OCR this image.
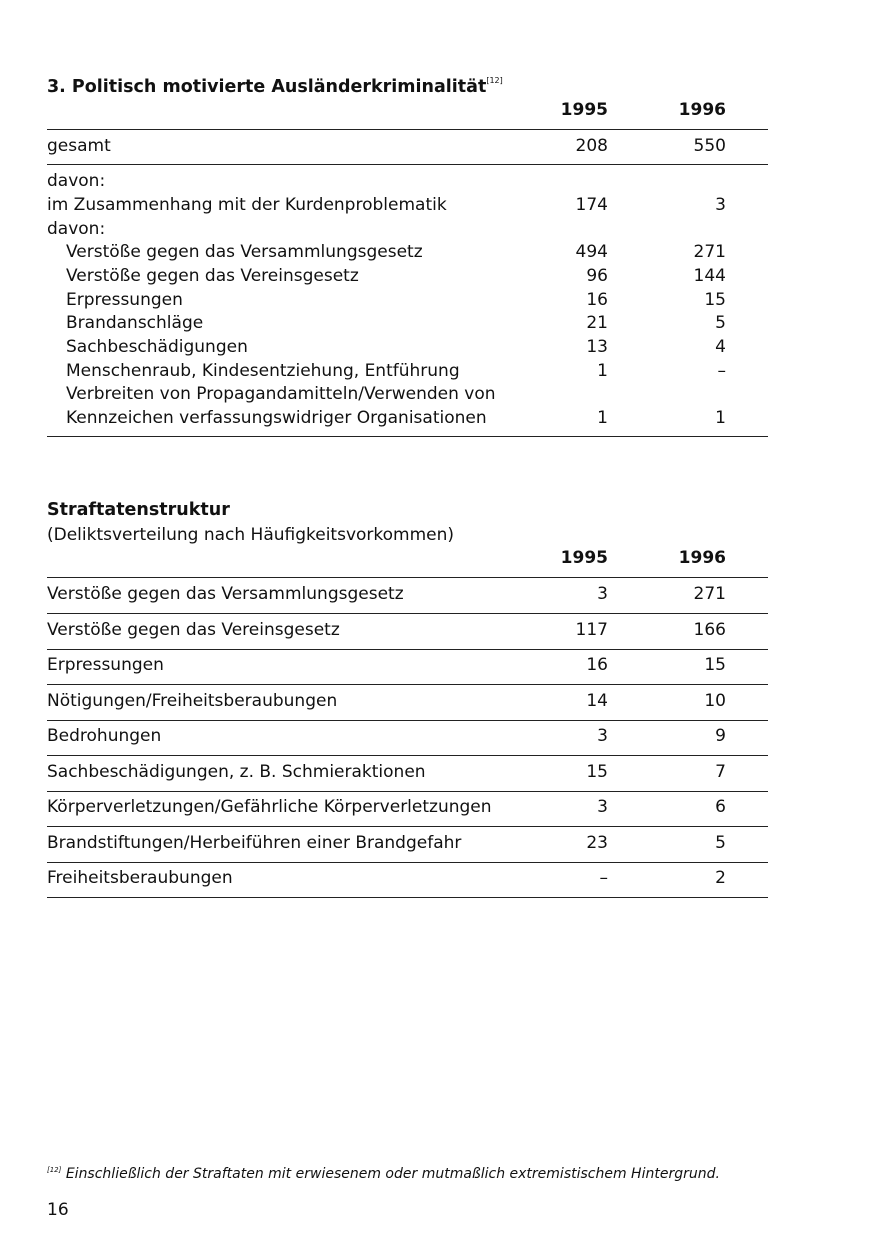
3. Politisch motivierte Ausländerkriminalität[12]
1995	1996
gesamt	208	550
davon:
im Zusammenhang mit der Kurdenproblematik	174	3
davon:
Verstöße gegen das Versammlungsgesetz	494	271
Verstöße gegen das Vereinsgesetz	96	144
Erpressungen	16	15
Brandanschläge	21	5
Sachbeschädigungen	13	4
Menschenraub, Kindesentziehung, Entführung	1	–
Verbreiten von Propagandamitteln/Verwenden von
Kennzeichen verfassungswidriger Organisationen	1	1
Straftatenstruktur
(Deliktsverteilung nach Häufigkeitsvorkommen)
1995	1996
Verstöße gegen das Versammlungsgesetz	3	271
Verstöße gegen das Vereinsgesetz	117	166
Erpressungen	16	15
Nötigungen/Freiheitsberaubungen	14	10
Bedrohungen	3	9
Sachbeschädigungen, z. B. Schmieraktionen	15	7
Körperverletzungen/Gefährliche Körperverletzungen	3	6
Brandstiftungen/Herbeiführen einer Brandgefahr	23	5
Freiheitsberaubungen	–	2
[12] Einschließlich der Straftaten mit erwiesenem oder mutmaßlich extremistischem Hintergrund.
16
